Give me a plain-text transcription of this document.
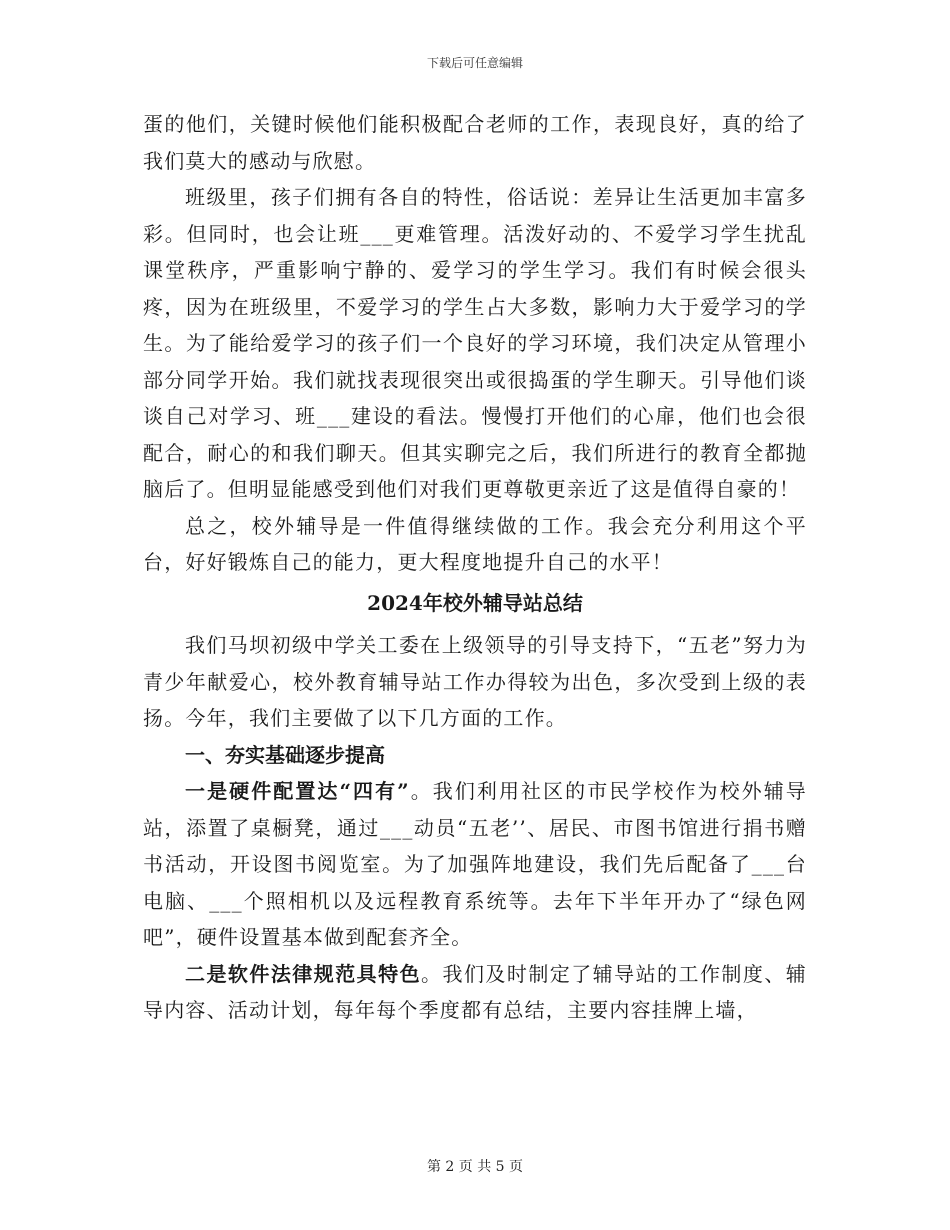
下载后可任意编辑

蛋的他们，关键时候他们能积极配合老师的工作，表现良好，真的给了我们莫大的感动与欣慰。

班级里，孩子们拥有各自的特性，俗话说：差异让生活更加丰富多彩。但同时，也会让班___更难管理。活泼好动的、不爱学习学生扰乱课堂秩序，严重影响宁静的、爱学习的学生学习。我们有时候会很头疼，因为在班级里，不爱学习的学生占大多数，影响力大于爱学习的学生。为了能给爱学习的孩子们一个良好的学习环境，我们决定从管理小部分同学开始。我们就找表现很突出或很捣蛋的学生聊天。引导他们谈谈自己对学习、班___建设的看法。慢慢打开他们的心扉，他们也会很配合，耐心的和我们聊天。但其实聊完之后，我们所进行的教育全都抛脑后了。但明显能感受到他们对我们更尊敬更亲近了这是值得自豪的！

总之，校外辅导是一件值得继续做的工作。我会充分利用这个平台，好好锻炼自己的能力，更大程度地提升自己的水平！

2024年校外辅导站总结

我们马坝初级中学关工委在上级领导的引导支持下，“五老”努力为青少年献爱心，校外教育辅导站工作办得较为出色，多次受到上级的表扬。今年，我们主要做了以下几方面的工作。

一、夯实基础逐步提高

一是硬件配置达“四有”。我们利用社区的市民学校作为校外辅导站，添置了桌橱凳，通过___动员“五老’’、居民、市图书馆进行捐书赠书活动，开设图书阅览室。为了加强阵地建设，我们先后配备了___台电脑、___个照相机以及远程教育系统等。去年下半年开办了“绿色网吧”，硬件设置基本做到配套齐全。

二是软件法律规范具特色。我们及时制定了辅导站的工作制度、辅导内容、活动计划，每年每个季度都有总结，主要内容挂牌上墙，

第 2 页 共 5 页
